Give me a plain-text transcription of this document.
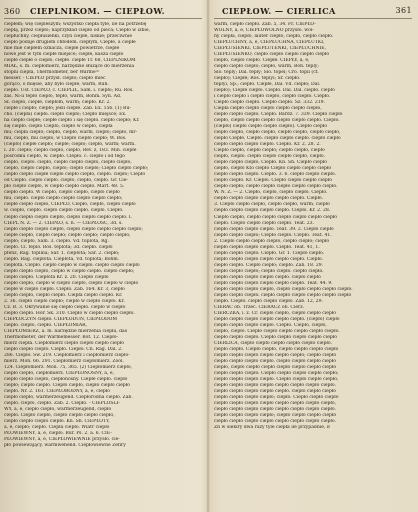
360 CIEPLNIKOM. — CIEPŁOW.	CIEPŁOW. — CIERLICA	361
ciepłem; wię ciepleszym; wszystko ciepła tyle, ile na potrzebę
ciepłą, przez ciepło; naprzykład ciepło od pieca; Ciepło w izbie,
ciepłuchny, ciepłusieńki, czyli ciepłe, niskie; przeciwnie
ciepło podaje drugiem chłodem. ciepłym, Ciepłe, a ciepłe
mie mie ciepłem oznacza, ciepłe powietrze, ciepłe
nowe jest w tym ciepłe miejsce; ciepłe, kasza ciepło
ciepłe ciepłe o ciepło, ciepłe. ciepłe Tr. 68, CIEPLNIKOM
MIAŁ, s. m. ciepłomierz, narzędzie służące do mierzenia
stopni ciepła, Thermometer, ber Wärme=
messer. - CIEPŁO przysł. ciepło; ciepło mieć
gorąco, o mięsie, aby było ciepłe, warm, Ruh.
ciepło. Ust. CIEPŁO, c. CIEPLIŁ, Sam. i. ciepło; Ru. Ros.
zaś. Ni-ii tepło ciepło, tepło, warm, Bohm. Syn. Ad.
Sł. ciepło, ciepłe, ciepłom, warm; ciepło. Kr. 2.
ciepłe i ciepło; ciepło; jeśli ciepłe. Zab. Ex. 156. (1) Ru-
cho. (ciepła) ciepło. ciepło ciepło; Ciepło miejsce; Ex.
na ciepło ciepłe; ciepłe ciepło i się ciepło. ciepło ciepło; Kr.
się ciepło. ciepło Ciepło, ciepło w ciepło, ciepła
mu; ciepła ciepło; ciepło, ciepło, warm, ciepło; ciepło, mr-
mu, ciepło, mu ciepło, w Ciepło ciepło ciepło; W. Bos.
(ciepło) ciepłe ciepło; ciepłe; ciepło; ciepło, warm; warm.
I. 20. ciepło; ciepło ciepło, ciepło, Rev. z, 183. Min. ciepłe
pośrodku ciepło, w. ciepło. Ciepło. c. ciepło i od tego
ciepło, ciepło. ciepło, ciepło ciepło ciepło, ciepło ciepło,
ciepło, ciepło ciepło, ciepło; ciepło ciepło; Ciepło ciepło ciepło;
ciepło ciepło ciepłe ciepło ciepło ciepło, ciepło. ciepło; Ciepło
od Ciepło. ciepło ciepło. ciepło, ciepło, ciepło. Gr. Cie-
pło ciepło ciepło, w ciepło ciepło ciepło. Mart. 48. 5.
ciepło ciepło. W ciepło, ciepło ciepło, ciepło ciepło
mu, ciepło. ciepło ciepło ciepło ciepło ciepło ciepło;
ciepłe ciepło ciepło, CIEPŁO, Ciepło, ciepło, ciepło ciepło
w. ciepło, ciepło. ciepło ciepło ciepło. ciepło. Ciepło.
ciepło ciepło ciepło ciepło, ciepło ciepło ciepło ciepło. I.
CIEPL N. Z. — 2. CIEPŁO, s. n. — CIEPŁOSĆ, 3d. s.
ciepło ciepło ciepło ciepło, ciepło ciepło ciepło ciepło ciepło;
ciepłe ciepło, ciepło ciepło; ciepło ciepło; ciepło ciepło,
ciepło; ciepło, Sam. 3. ciepło. Vd. toplota, Rg.
ciepło. Cl. teplo. Ros. teplota; 3d. ciepło. ciepło
pfenz, Rag. toplina; Sar. 1. ciepłota; Sar. 2. ciepło;
ciepło. Rag. ciepłota. Ciepłota, Vd. toplota; Bohm.
ciepłota. Ciepło. ciepło ciepło w ciepło. ciepło ciepło ciepło
ciepło ciepło ciepło, ciepło w ciepło ciepło. ciepło ciepło;
ciepło ciepło. Ciepłota Kr. z. 20. Ciepło ciepło
ciepło ciepło, ciepło w ciepło ciepło, ciepło ciepło w ciepło
ciepłe w ciepło ciepło. Ciepło. Zab. 164. Kr. 3, ciepło
ciepło ciepło, ciepło ciepło. Ciepła ciepło ciepło. Kr.
2. 36. ciepło ciepło ciepło; ciepło w ciepło ciepło. Kr.
Cz. B. 3. Okrywanie się ciepło ciepło. ciepło w ciepło
ciepło ciepło. Hor. Sk. 310. Ciepło w ciepło ciepło ciepło.
CIEPŁOCZYN ciepło. CIEPŁODUN, CIEPŁODOM
ciepło. ciepło, ciepło. CIEPŁOMIAR,
CIEPŁOMIERZ, a. m. narzędzie mierzenia ciepła, das
Thermometer, der Wärmemesser. Bot. 12. Ciepło-
mierz ciepła. Ciepłomierz ciepło ciepło ciepło ciepło
ciepło ciepło ciepło. Ciepło. Ciepło. Cn. Rag. Dal. 2.
286. Ciepło. Sw. 219. Ciepłomierz i ciepłomierz ciepło-
mierz. Mon. 66. 291. Ciepłomierz ciepłomierz. Zool.
124. Ciepłomierz. Mon. 75, 365. (2) Ciepłomierz ciepło,
ciepło ciepło, ciepłomierz. CIEPŁONOSNY, a, e,
ciepło ciepło ciepło, ciepłonośny. Ciepłe ciepło. ciepło
ciepło; ciepło ciepło. Ciepło ciepło, ciepło ciepło ciepło
ciepło. Nr. 2. 161. CIEPŁORODNY, a, e, ciepło
ciepło ciepło, warmerzeugend. Ciepłorodna ciepło. Zab.
ciepło. ciepło, ciepło. Zab. 2. Ciepło. - CIEPLOSLI-
WY, a, e, ciepło ciepło, warmerzeugend, ciepło
ciepło. Ciepło ciepło, ciepło ciepło ciepło ciepło,
ciepło ciepło ciepło ciepło. Kn. Sh. CIEPŁOTY,
a, e, ciepło; ciepło. Ciepła ciepło. Wiatr ciepło
PŁOWIEWNY, a, e, ciepło. Bur. Ps. 2. a. 6. CIE-
PŁOWIEWNY, a, e, CIEPŁOWIEWNIE przysłó. cie-
pło powiewający, warmwehend. Ciepłowiewne Zefiry
warm, ciepło ciepło. Zab. 5, 34. Fr. CIEPŁO-
WOLNY, a, e, CIEPŁOWOLNO przysłó. wol-
ny ciepła, ciepło, lauter ciepło, ciepło, ciepło ciepło.
CIEPŁUCHNY, a, e, CIEPŁUCHNA, CIEPŁUTKI,
CIEPŁUSIENKI, CIEPŁUTENKI, CIEPŁUCHNIE,
CIEPŁUSIEŃKO, ciepło ciepło ciepło ciepło ciepło
ciepło, ciepło ciepło. Ciepłe. CIEPŁY, a, e,
ciepło ciepło ciepło; ciepło, warm, Boh. teplý;
Slo. teplý; Dal. teplý; Slo. topel; Cro. toplí (cf.
ciepło); Ciepłe; Ros. teplyi; Sr. ciepło.
teplyi, Sp.; ciepło. Ciepłe, Dal. Vd. ciepło; Dal.
ciepło); Ciepłe ciepło. Ciepło. Dal. Dal. ciepło. ciepło
i ciepło ciepło i ciepło ciepło, ciepło ciepło. Ciepło.
Ciepło ciepło ciepło. Ciepło ciepło. Sz. 332. 219.
Ciepła ciepło ciepło ciepło ciepło ciepło ciepło,
ciepło ciepło ciepło. Ciepło. Bardz. 7. 339. Ciepło ciepło
ciepło, ciepło ciepło ciepło ciepło ciepło ciepło. Ciepło.
(ciepło) ciepło ciepło ciepło ciepło). Ciepło ciepło
ciepło ciepło, ciepło ciepło, ciepło ciepło, ciepło ciepło,
ciepło Ciepłe, Ciepło. ciepło ciepło ciepło. ciepło ciepło
ciepło ciepło ciepło ciepło. Ciepło. Kr. 2. 28. 2.
Ciepło ciepło, ciepło ciepło; ciepło ciepło, ciepło
ciepło, ciepło. ciepło ciepło ciepło ciepło, ciepło.
ciepło ciepło ciepło, Ciepło. Kn. Sh. Ciepło ciepło
ciepło, ciepło Kto ciepło Ciepło ciepło ciepło ciepło
ciepło ciepło ciepło. Ciepło. 3. 6. ciepło ciepło ciepło.
ciepło ciepło. Kr. Ciepło. Ciepło ciepło ciepło ciepło
ciepło ciepło; ciepło ciepło ciepło ciepło ciepło ciepło.
W. N. Z. — 2. Ciepło, ciepło, ciepło ciepło. Ciepło.
ciepło ciepło ciepło ciepło ciepło ciepło. Ciepło.
3. Ciepło ciepło ciepło, ciepło ciepło, warm, ciepło
ciepło ciepło ciepło ciepło ciepło. Ciepło. Kr. 2. 28.
Ciepło ciepło, ciepło ciepło ciepło ciepło ciepło ciepło
ciepło. Ciepło ciepło ciepło ciepło. Teat. 23.
ciepło ciepło ciepło ciepło. Teat. 39. 2. Ciepło ciepło
ciepło ciepło ciepło; Ciepło ciepło. Ciepło. Teat. 41.
2. Ciepło ciepło ciepło ciepło, ciepło ciepło; ciepło
ciepło ciepło ciepło ciepło. Ciepło. Teat. 41, 1.
ciepło ciepło ciepło. Ciepło. Gr. 1. Ciepło ciepło.
ciepło ciepło ciepło ciepło ciepło ciepło. Ciepło.
ciepło ciepło. Ciepło ciepło; ciepło. Zab. 18. 29.
ciepło ciepło ciepło; ciepło ciepło. ciepło ciepło.
ciepło ciepło ciepło ciepło ciepło. ciepło ciepło
ciepło ciepło ciepło ciepło ciepło ciepło. Teat. 44. 9.
ciepło ciepło ciepło ciepło, ciepło ciepło ciepło ciepło ciepło.
ciepło ciepło ciepło. ciepło ciepło ciepło ciepło ciepło ciepło
ciepło. Ciepło. ciepło ciepło ciepło. Zab. 12, 29.
CIERAĆ ob. Trzeć. CIERACZ ob. Cierz.
CIERCZKA, i. z. Cr. ciepło ciepło, ciepło ciepło ciepło
ciepło ciepło ciepło ciepło ciepło ciepło. (ciepło) ciepło
ciepło ciepło ciepło ciepło. Ciepło. Ciepło, ciepło,
ciepło, ciepło. Ciepło ciepło ciepło ciepło ciepło ciepło.
ciepło ciepło ciepło. Ciepło ciepło ciepło ciepło ciepło
CIERLICA, ciepło ciepło ciepło ciepło ciepło ciepło.
ciepło ciepło. Ciepło ciepło, ciepło ciepło ciepło ciepło
ciepło ciepło ciepło ciepło ciepło ciepło; ciepło ciepło
ciepło ciepło ciepło ciepło. ciepło ciepło ciepło ciepło
ciepło, ciepło ciepło ciepło ciepło ciepło ciepło ciepło
ciepło ciepło ciepło. Ciepło ciepło ciepło ciepło ciepło;
ciepło ciepło ciepło ciepło. Ciepło ciepło ciepło ciepło,
ciepło ciepło ciepło ciepło ciepło ciepło ciepło ciepło.
ciepło ciepło ciepło ciepło ciepło. ciepło ciepło ciepło
ciepło ciepło ciepło ciepło; ciepło. Ciepło ciepło ciepło
ciepło ciepło ciepło ciepło ciepło ciepło ciepło ciepło,
ciepło ciepło ciepło ciepło ciepło ciepło ciepło ciepło.
ciepło ciepło ciepło ciepło; ciepło ciepło ciepło ciepło
ciepło ciepło ciepło ciepło ciepło ciepło ciepło ciepło.
Zn w siekiry dwa razy tyle ciepła ile przypadnie, ił
